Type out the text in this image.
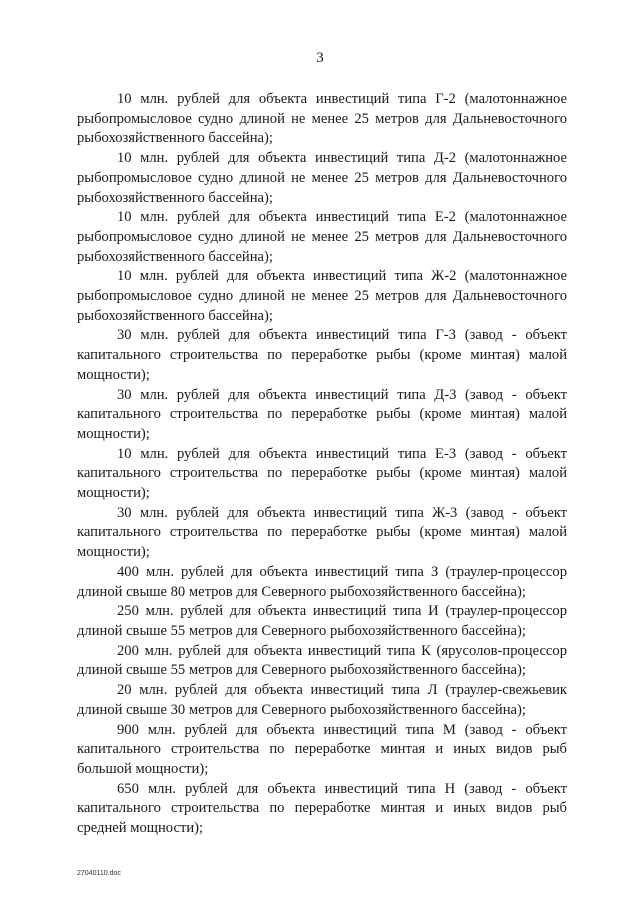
3

10 млн. рублей для объекта инвестиций типа Г-2 (малотоннажное рыбопромысловое судно длиной не менее 25 метров для Дальневосточного рыбохозяйственного бассейна);

10 млн. рублей для объекта инвестиций типа Д-2 (малотоннажное рыбопромысловое судно длиной не менее 25 метров для Дальневосточного рыбохозяйственного бассейна);

10 млн. рублей для объекта инвестиций типа Е-2 (малотоннажное рыбопромысловое судно длиной не менее 25 метров для Дальневосточного рыбохозяйственного бассейна);

10 млн. рублей для объекта инвестиций типа Ж-2 (малотоннажное рыбопромысловое судно длиной не менее 25 метров для Дальневосточного рыбохозяйственного бассейна);

30 млн. рублей для объекта инвестиций типа Г-3 (завод - объект капитального строительства по переработке рыбы (кроме минтая) малой мощности);

30 млн. рублей для объекта инвестиций типа Д-3 (завод - объект капитального строительства по переработке рыбы (кроме минтая) малой мощности);

10 млн. рублей для объекта инвестиций типа Е-3 (завод - объект капитального строительства по переработке рыбы (кроме минтая) малой мощности);

30 млн. рублей для объекта инвестиций типа Ж-3 (завод - объект капитального строительства по переработке рыбы (кроме минтая) малой мощности);

400 млн. рублей для объекта инвестиций типа З (траулер-процессор длиной свыше 80 метров для Северного рыбохозяйственного бассейна);

250 млн. рублей для объекта инвестиций типа И (траулер-процессор длиной свыше 55 метров для Северного рыбохозяйственного бассейна);

200 млн. рублей для объекта инвестиций типа К (ярусолов-процессор длиной свыше 55 метров для Северного рыбохозяйственного бассейна);

20 млн. рублей для объекта инвестиций типа Л (траулер-свежьевик длиной свыше 30 метров для Северного рыбохозяйственного бассейна);

900 млн. рублей для объекта инвестиций типа М (завод - объект капитального строительства по переработке минтая и иных видов рыб большой мощности);

650 млн. рублей для объекта инвестиций типа Н (завод - объект капитального строительства по переработке минтая и иных видов рыб средней мощности);

27040110.doc
